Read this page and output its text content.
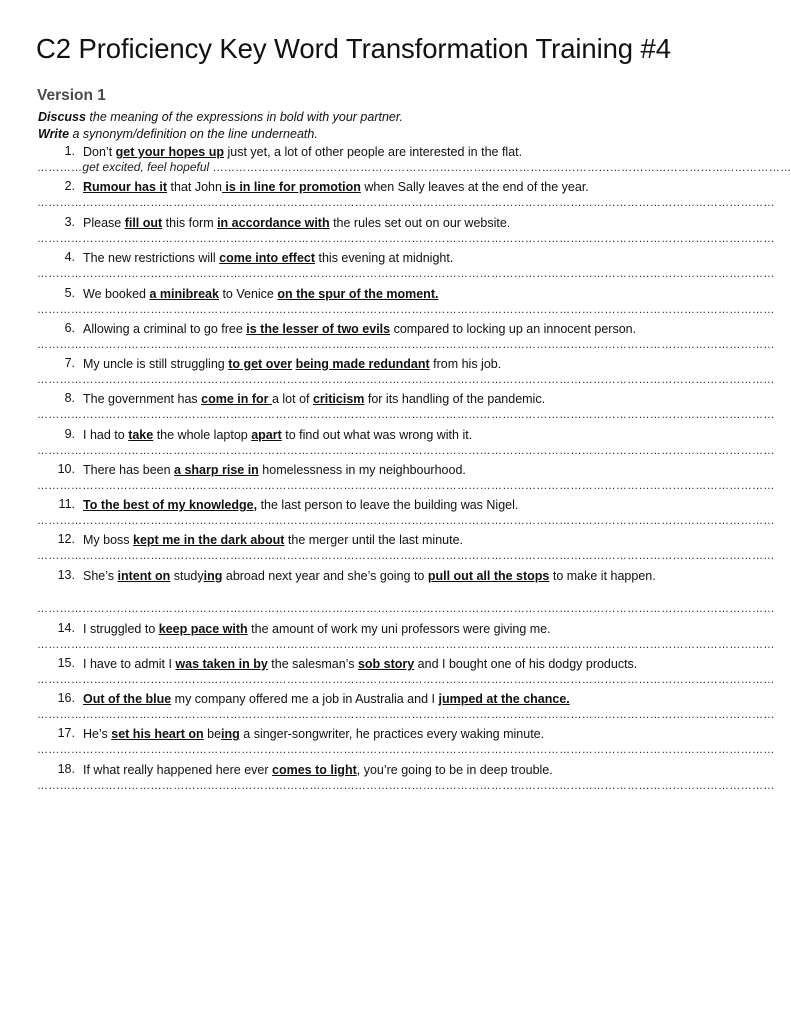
C2 Proficiency Key Word Transformation Training #4
Version 1
Discuss the meaning of the expressions in bold with your partner.
Write a synonym/definition on the line underneath.
1. Don’t get your hopes up just yet, a lot of other people are interested in the flat.
…………get excited, feel hopeful ………………………………………………………………………………………………………………………………………
2. Rumour has it that John is in line for promotion when Sally leaves at the end of the year.
……………………………………………………………………………………………………………………………………………………………………………
3. Please fill out this form in accordance with the rules set out on our website.
……………………………………………………………………………………………………………………………………………………………………………
4. The new restrictions will come into effect this evening at midnight.
……………………………………………………………………………………………………………………………………………………………………………
5. We booked a minibreak to Venice on the spur of the moment.
……………………………………………………………………………………………………………………………………………………………………………
6. Allowing a criminal to go free is the lesser of two evils compared to locking up an innocent person.
……………………………………………………………………………………………………………………………………………………………………………
7. My uncle is still struggling to get over being made redundant from his job.
……………………………………………………………………………………………………………………………………………………………………………
8. The government has come in for a lot of criticism for its handling of the pandemic.
……………………………………………………………………………………………………………………………………………………………………………
9. I had to take the whole laptop apart to find out what was wrong with it.
……………………………………………………………………………………………………………………………………………………………………………
10. There has been a sharp rise in homelessness in my neighbourhood.
……………………………………………………………………………………………………………………………………………………………………………
11. To the best of my knowledge, the last person to leave the building was Nigel.
……………………………………………………………………………………………………………………………………………………………………………
12. My boss kept me in the dark about the merger until the last minute.
……………………………………………………………………………………………………………………………………………………………………………
13. She’s intent on studying abroad next year and she’s going to pull out all the stops to make it happen.
……………………………………………………………………………………………………………………………………………………………………………
14. I struggled to keep pace with the amount of work my uni professors were giving me.
……………………………………………………………………………………………………………………………………………………………………………
15. I have to admit I was taken in by the salesman’s sob story and I bought one of his dodgy products.
……………………………………………………………………………………………………………………………………………………………………………
16. Out of the blue my company offered me a job in Australia and I jumped at the chance.
……………………………………………………………………………………………………………………………………………………………………………
17. He’s set his heart on being a singer-songwriter, he practices every waking minute.
……………………………………………………………………………………………………………………………………………………………………………
18. If what really happened here ever comes to light, you’re going to be in deep trouble.
……………………………………………………………………………………………………………………………………………………………………………
